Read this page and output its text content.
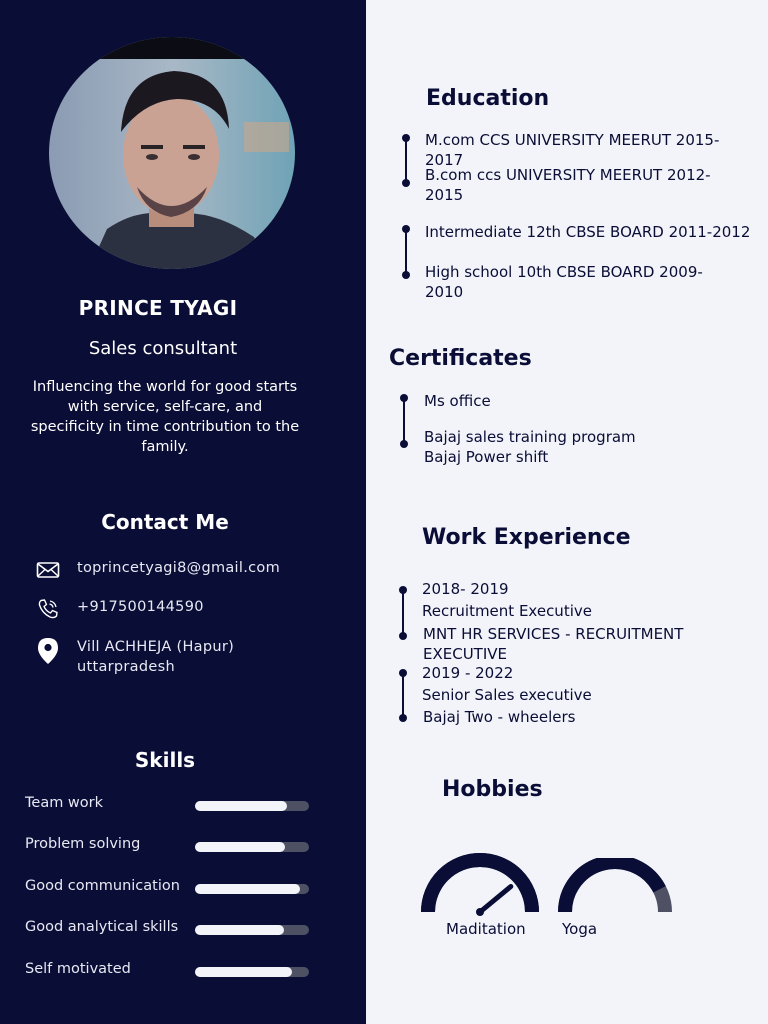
PRINCE TYAGI
Sales consultant
Influencing the world for good starts with service, self-care, and specificity in time contribution to the family.
Contact Me
toprincetyagi8@gmail.com
+917500144590
Vill ACHHEJA (Hapur)
uttarpradesh
Skills
Team work
Problem solving
Good communication
Good analytical skills
Self motivated
Education
M.com CCS UNIVERSITY MEERUT 2015-
2017
B.com ccs UNIVERSITY MEERUT 2012-
2015
Intermediate 12th CBSE BOARD 2011-2012
High school 10th CBSE BOARD 2009-
2010
Certificates
Ms office
Bajaj sales training program
Bajaj Power shift
Work Experience
2018- 2019
Recruitment Executive
MNT HR SERVICES - RECRUITMENT
EXECUTIVE
2019 - 2022
Senior Sales executive
Bajaj Two - wheelers
Hobbies
Maditation Yoga
